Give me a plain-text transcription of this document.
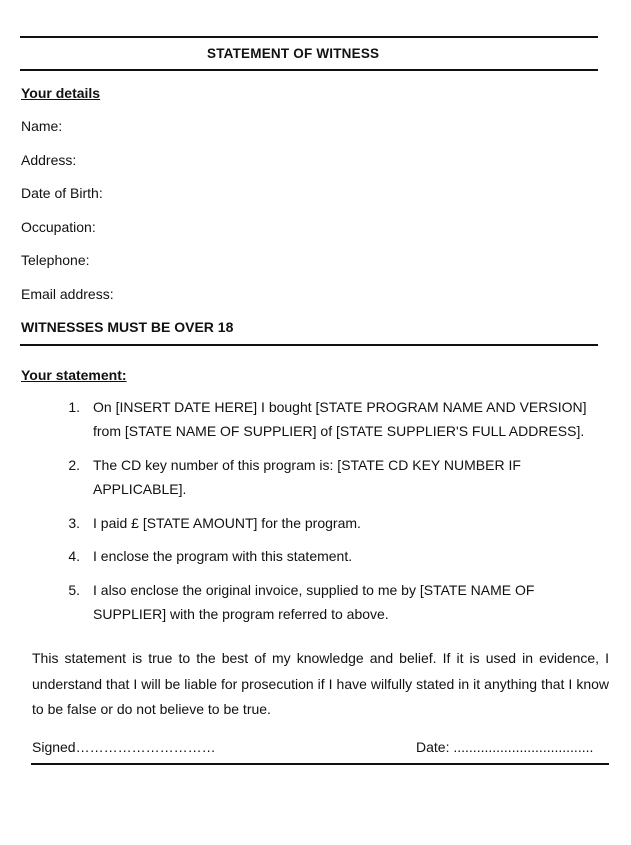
STATEMENT OF WITNESS
Your details
Name:
Address:
Date of Birth:
Occupation:
Telephone:
Email address:
WITNESSES MUST BE OVER 18
Your statement:
1. On [INSERT DATE HERE] I bought [STATE PROGRAM NAME AND VERSION]
from [STATE NAME OF SUPPLIER] of [STATE SUPPLIER'S FULL ADDRESS].
2. The CD key number of this program is: [STATE CD KEY NUMBER IF
APPLICABLE].
3. I paid £ [STATE AMOUNT] for the program.
4. I enclose the program with this statement.
5. I also enclose the original invoice, supplied to me by [STATE NAME OF
SUPPLIER] with the program referred to above.
This statement is true to the best of my knowledge and belief. If it is used in evidence, I understand that I will be liable for prosecution if I have wilfully stated in it anything that I know to be false or do not believe to be true.
Signed…………………………	Date: ....................................
